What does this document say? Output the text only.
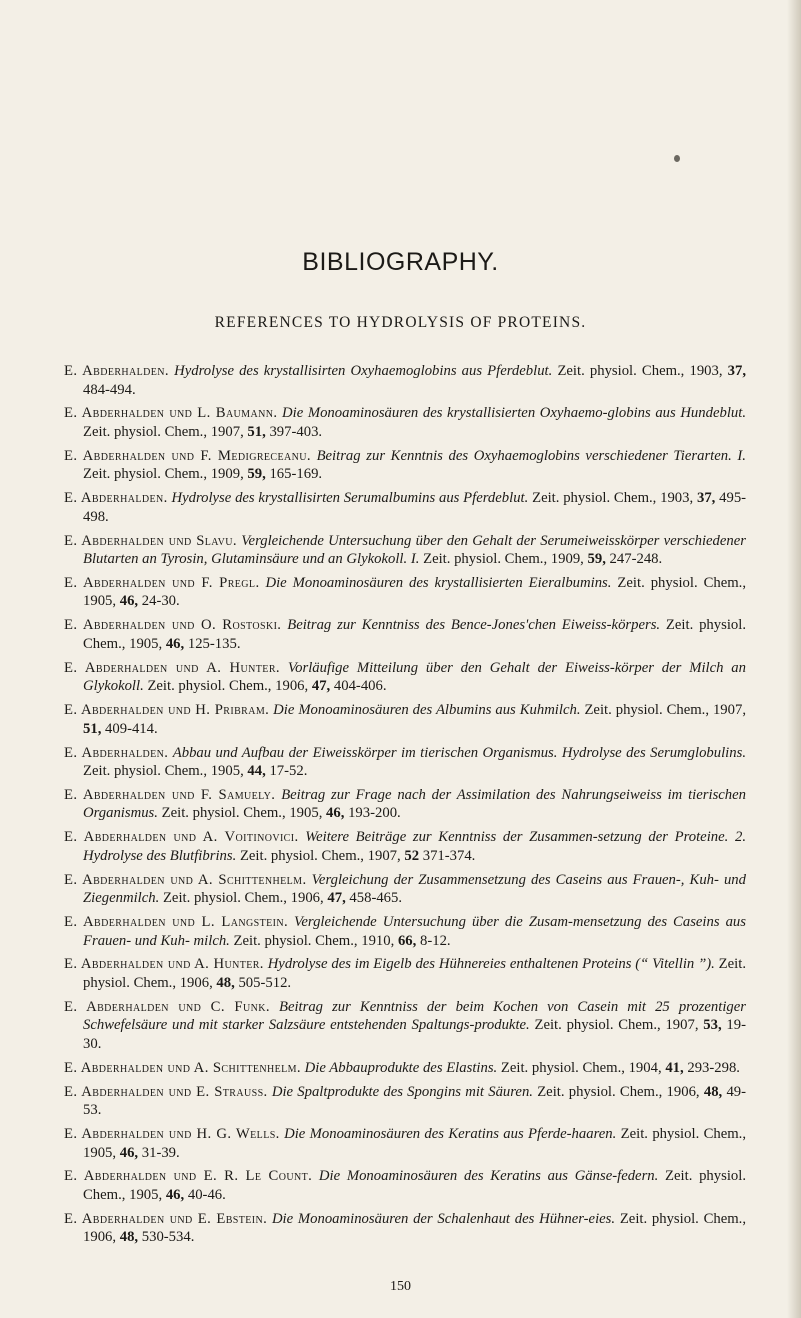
BIBLIOGRAPHY.
REFERENCES TO HYDROLYSIS OF PROTEINS.
E. Abderhalden. Hydrolyse des krystallisirten Oxyhaemoglobins aus Pferdeblut. Zeit. physiol. Chem., 1903, 37, 484-494.
E. Abderhalden und L. Baumann. Die Monoaminosäuren des krystallisierten Oxyhaemo-globins aus Hundeblut. Zeit. physiol. Chem., 1907, 51, 397-403.
E. Abderhalden und F. Medigreceanu. Beitrag zur Kenntnis des Oxyhaemoglobins verschiedener Tierarten. I. Zeit. physiol. Chem., 1909, 59, 165-169.
E. Abderhalden. Hydrolyse des krystallisirten Serumalbumins aus Pferdeblut. Zeit. physiol. Chem., 1903, 37, 495-498.
E. Abderhalden und Slavu. Vergleichende Untersuchung über den Gehalt der Serumeiweisskörper verschiedener Blutarten an Tyrosin, Glutaminsäure und an Glykokoll. I. Zeit. physiol. Chem., 1909, 59, 247-248.
E. Abderhalden und F. Pregl. Die Monoaminosäuren des krystallisierten Eieralbumins. Zeit. physiol. Chem., 1905, 46, 24-30.
E. Abderhalden und O. Rostoski. Beitrag zur Kenntniss des Bence-Jones'chen Eiweiss-körpers. Zeit. physiol. Chem., 1905, 46, 125-135.
E. Abderhalden und A. Hunter. Vorläufige Mitteilung über den Gehalt der Eiweiss-körper der Milch an Glykokoll. Zeit. physiol. Chem., 1906, 47, 404-406.
E. Abderhalden und H. Pribram. Die Monoaminosäuren des Albumins aus Kuhmilch. Zeit. physiol. Chem., 1907, 51, 409-414.
E. Abderhalden. Abbau und Aufbau der Eiweisskörper im tierischen Organismus. Hydrolyse des Serumglobulins. Zeit. physiol. Chem., 1905, 44, 17-52.
E. Abderhalden und F. Samuely. Beitrag zur Frage nach der Assimilation des Nahrungseiweiss im tierischen Organismus. Zeit. physiol. Chem., 1905, 46, 193-200.
E. Abderhalden und A. Voitinovici. Weitere Beiträge zur Kenntniss der Zusammen-setzung der Proteine. 2. Hydrolyse des Blutfibrins. Zeit. physiol. Chem., 1907, 52 371-374.
E. Abderhalden und A. Schittenhelm. Vergleichung der Zusammensetzung des Caseins aus Frauen-, Kuh- und Ziegenmilch. Zeit. physiol. Chem., 1906, 47, 458-465.
E. Abderhalden und L. Langstein. Vergleichende Untersuchung über die Zusam-mensetzung des Caseins aus Frauen- und Kuh- milch. Zeit. physiol. Chem., 1910, 66, 8-12.
E. Abderhalden und A. Hunter. Hydrolyse des im Eigelb des Hühnereies enthaltenen Proteins (“ Vitellin ”). Zeit. physiol. Chem., 1906, 48, 505-512.
E. Abderhalden und C. Funk. Beitrag zur Kenntniss der beim Kochen von Casein mit 25 prozentiger Schwefelsäure und mit starker Salzsäure entstehenden Spaltungs-produkte. Zeit. physiol. Chem., 1907, 53, 19-30.
E. Abderhalden und A. Schittenhelm. Die Abbauprodukte des Elastins. Zeit. physiol. Chem., 1904, 41, 293-298.
E. Abderhalden und E. Strauss. Die Spaltprodukte des Spongins mit Säuren. Zeit. physiol. Chem., 1906, 48, 49-53.
E. Abderhalden und H. G. Wells. Die Monoaminosäuren des Keratins aus Pferde-haaren. Zeit. physiol. Chem., 1905, 46, 31-39.
E. Abderhalden und E. R. Le Count. Die Monoaminosäuren des Keratins aus Gänse-federn. Zeit. physiol. Chem., 1905, 46, 40-46.
E. Abderhalden und E. Ebstein. Die Monoaminosäuren der Schalenhaut des Hühner-eies. Zeit. physiol. Chem., 1906, 48, 530-534.
150
